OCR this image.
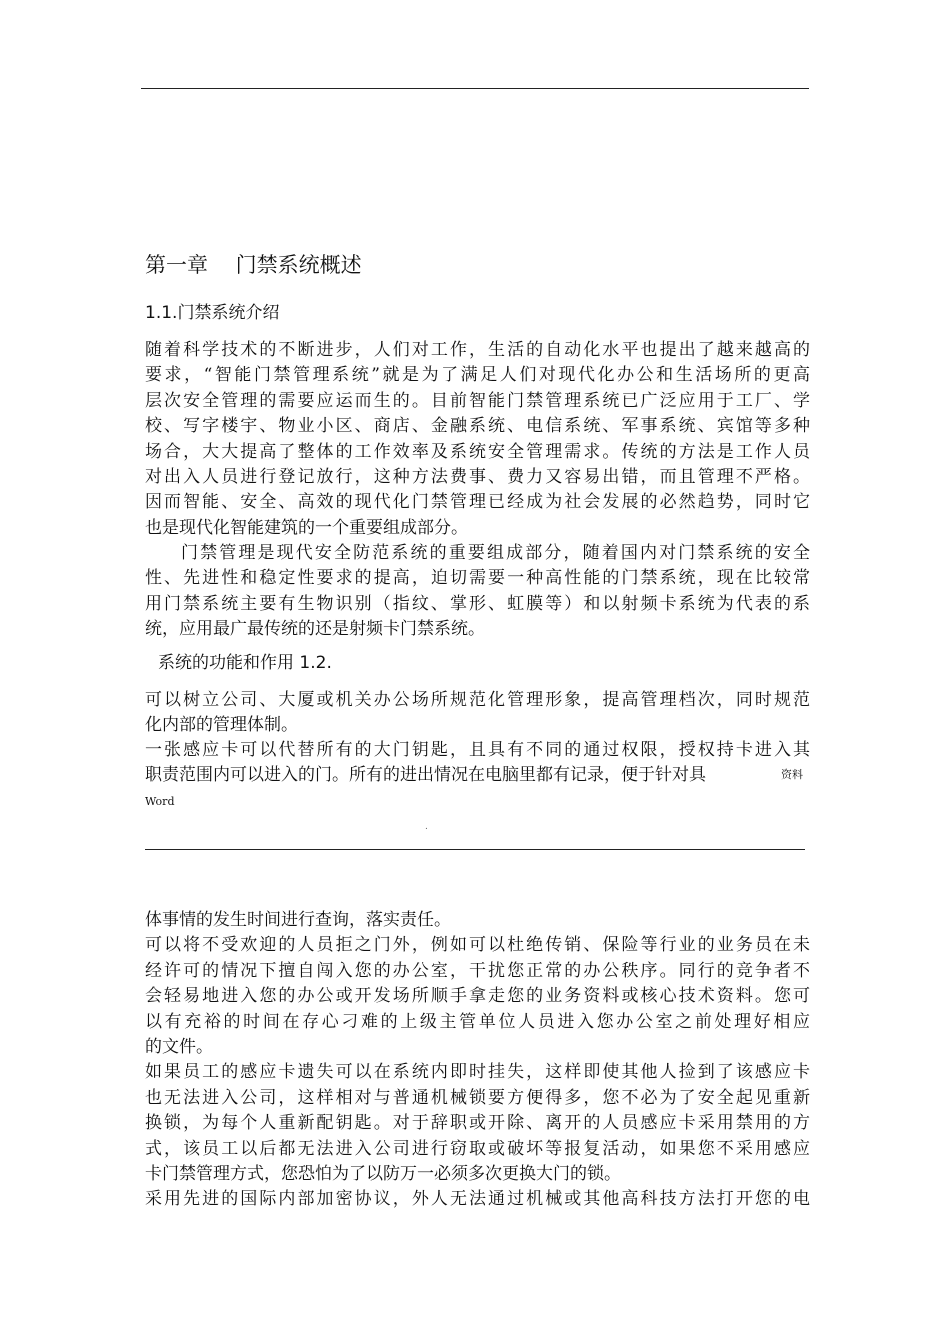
第一章　 门禁系统概述
1.1.门禁系统介绍
随着科学技术的不断进步，人们对工作，生活的自动化水平也提出了越来越高的
要求，“智能门禁管理系统”就是为了满足人们对现代化办公和生活场所的更高
层次安全管理的需要应运而生的。目前智能门禁管理系统已广泛应用于工厂、学
校、写字楼宇、物业小区、商店、金融系统、电信系统、军事系统、宾馆等多种
场合，大大提高了整体的工作效率及系统安全管理需求。传统的方法是工作人员
对出入人员进行登记放行，这种方法费事、费力又容易出错，而且管理不严格。
因而智能、安全、高效的现代化门禁管理已经成为社会发展的必然趋势，同时它
也是现代化智能建筑的一个重要组成部分。
门禁管理是现代安全防范系统的重要组成部分，随着国内对门禁系统的安全
性、先进性和稳定性要求的提高，迫切需要一种高性能的门禁系统，现在比较常
用门禁系统主要有生物识别（指纹、掌形、虹膜等）和以射频卡系统为代表的系
统，应用最广最传统的还是射频卡门禁系统。
系统的功能和作用 1.2.
可以树立公司、大厦或机关办公场所规范化管理形象，提高管理档次，同时规范
化内部的管理体制。
一张感应卡可以代替所有的大门钥匙，且具有不同的通过权限，授权持卡进入其
职责范围内可以进入的门。所有的进出情况在电脑里都有记录，便于针对具	资料
Word
.
体事情的发生时间进行查询，落实责任。
可以将不受欢迎的人员拒之门外，例如可以杜绝传销、保险等行业的业务员在未
经许可的情况下擅自闯入您的办公室，干扰您正常的办公秩序。同行的竞争者不
会轻易地进入您的办公或开发场所顺手拿走您的业务资料或核心技术资料。您可
以有充裕的时间在存心刁难的上级主管单位人员进入您办公室之前处理好相应
的文件。
如果员工的感应卡遗失可以在系统内即时挂失，这样即使其他人捡到了该感应卡
也无法进入公司，这样相对与普通机械锁要方便得多，您不必为了安全起见重新
换锁，为每个人重新配钥匙。对于辞职或开除、离开的人员感应卡采用禁用的方
式，该员工以后都无法进入公司进行窃取或破坏等报复活动，如果您不采用感应
卡门禁管理方式，您恐怕为了以防万一必须多次更换大门的锁。
采用先进的国际内部加密协议，外人无法通过机械或其他高科技方法打开您的电
